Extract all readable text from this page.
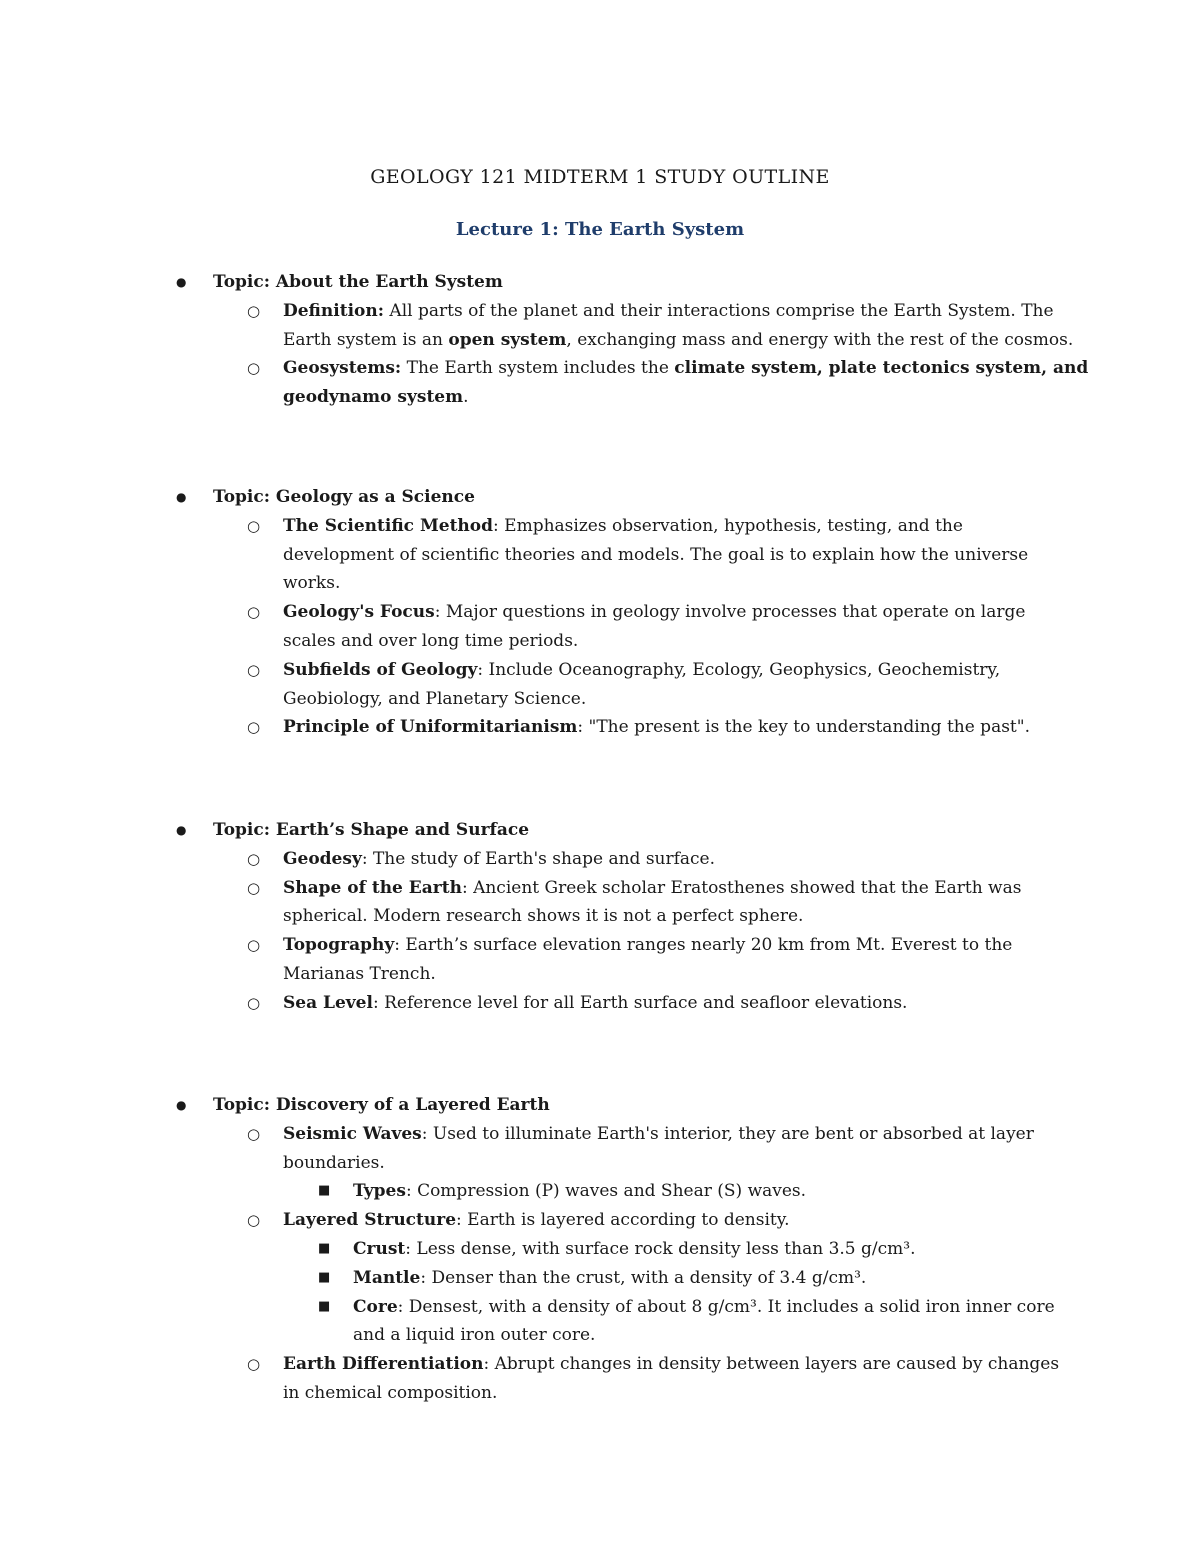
GEOLOGY 121 MIDTERM 1 STUDY OUTLINE
Lecture 1: The Earth System
● Topic: About the Earth System
○ Definition: All parts of the planet and their interactions comprise the Earth System. The
Earth system is an open system, exchanging mass and energy with the rest of the cosmos.
○ Geosystems: The Earth system includes the climate system, plate tectonics system, and
geodynamo system.
● Topic: Geology as a Science
○ The Scientific Method: Emphasizes observation, hypothesis, testing, and the
development of scientific theories and models. The goal is to explain how the universe
works.
○ Geology's Focus: Major questions in geology involve processes that operate on large
scales and over long time periods.
○ Subfields of Geology: Include Oceanography, Ecology, Geophysics, Geochemistry,
Geobiology, and Planetary Science.
○ Principle of Uniformitarianism: "The present is the key to understanding the past".
● Topic: Earth’s Shape and Surface
○ Geodesy: The study of Earth's shape and surface.
○ Shape of the Earth: Ancient Greek scholar Eratosthenes showed that the Earth was
spherical. Modern research shows it is not a perfect sphere.
○ Topography: Earth’s surface elevation ranges nearly 20 km from Mt. Everest to the
Marianas Trench.
○ Sea Level: Reference level for all Earth surface and seafloor elevations.
● Topic: Discovery of a Layered Earth
○ Seismic Waves: Used to illuminate Earth's interior, they are bent or absorbed at layer
boundaries.
■ Types: Compression (P) waves and Shear (S) waves.
○ Layered Structure: Earth is layered according to density.
■ Crust: Less dense, with surface rock density less than 3.5 g/cm³.
■ Mantle: Denser than the crust, with a density of 3.4 g/cm³.
■ Core: Densest, with a density of about 8 g/cm³. It includes a solid iron inner core
and a liquid iron outer core.
○ Earth Differentiation: Abrupt changes in density between layers are caused by changes
in chemical composition.
